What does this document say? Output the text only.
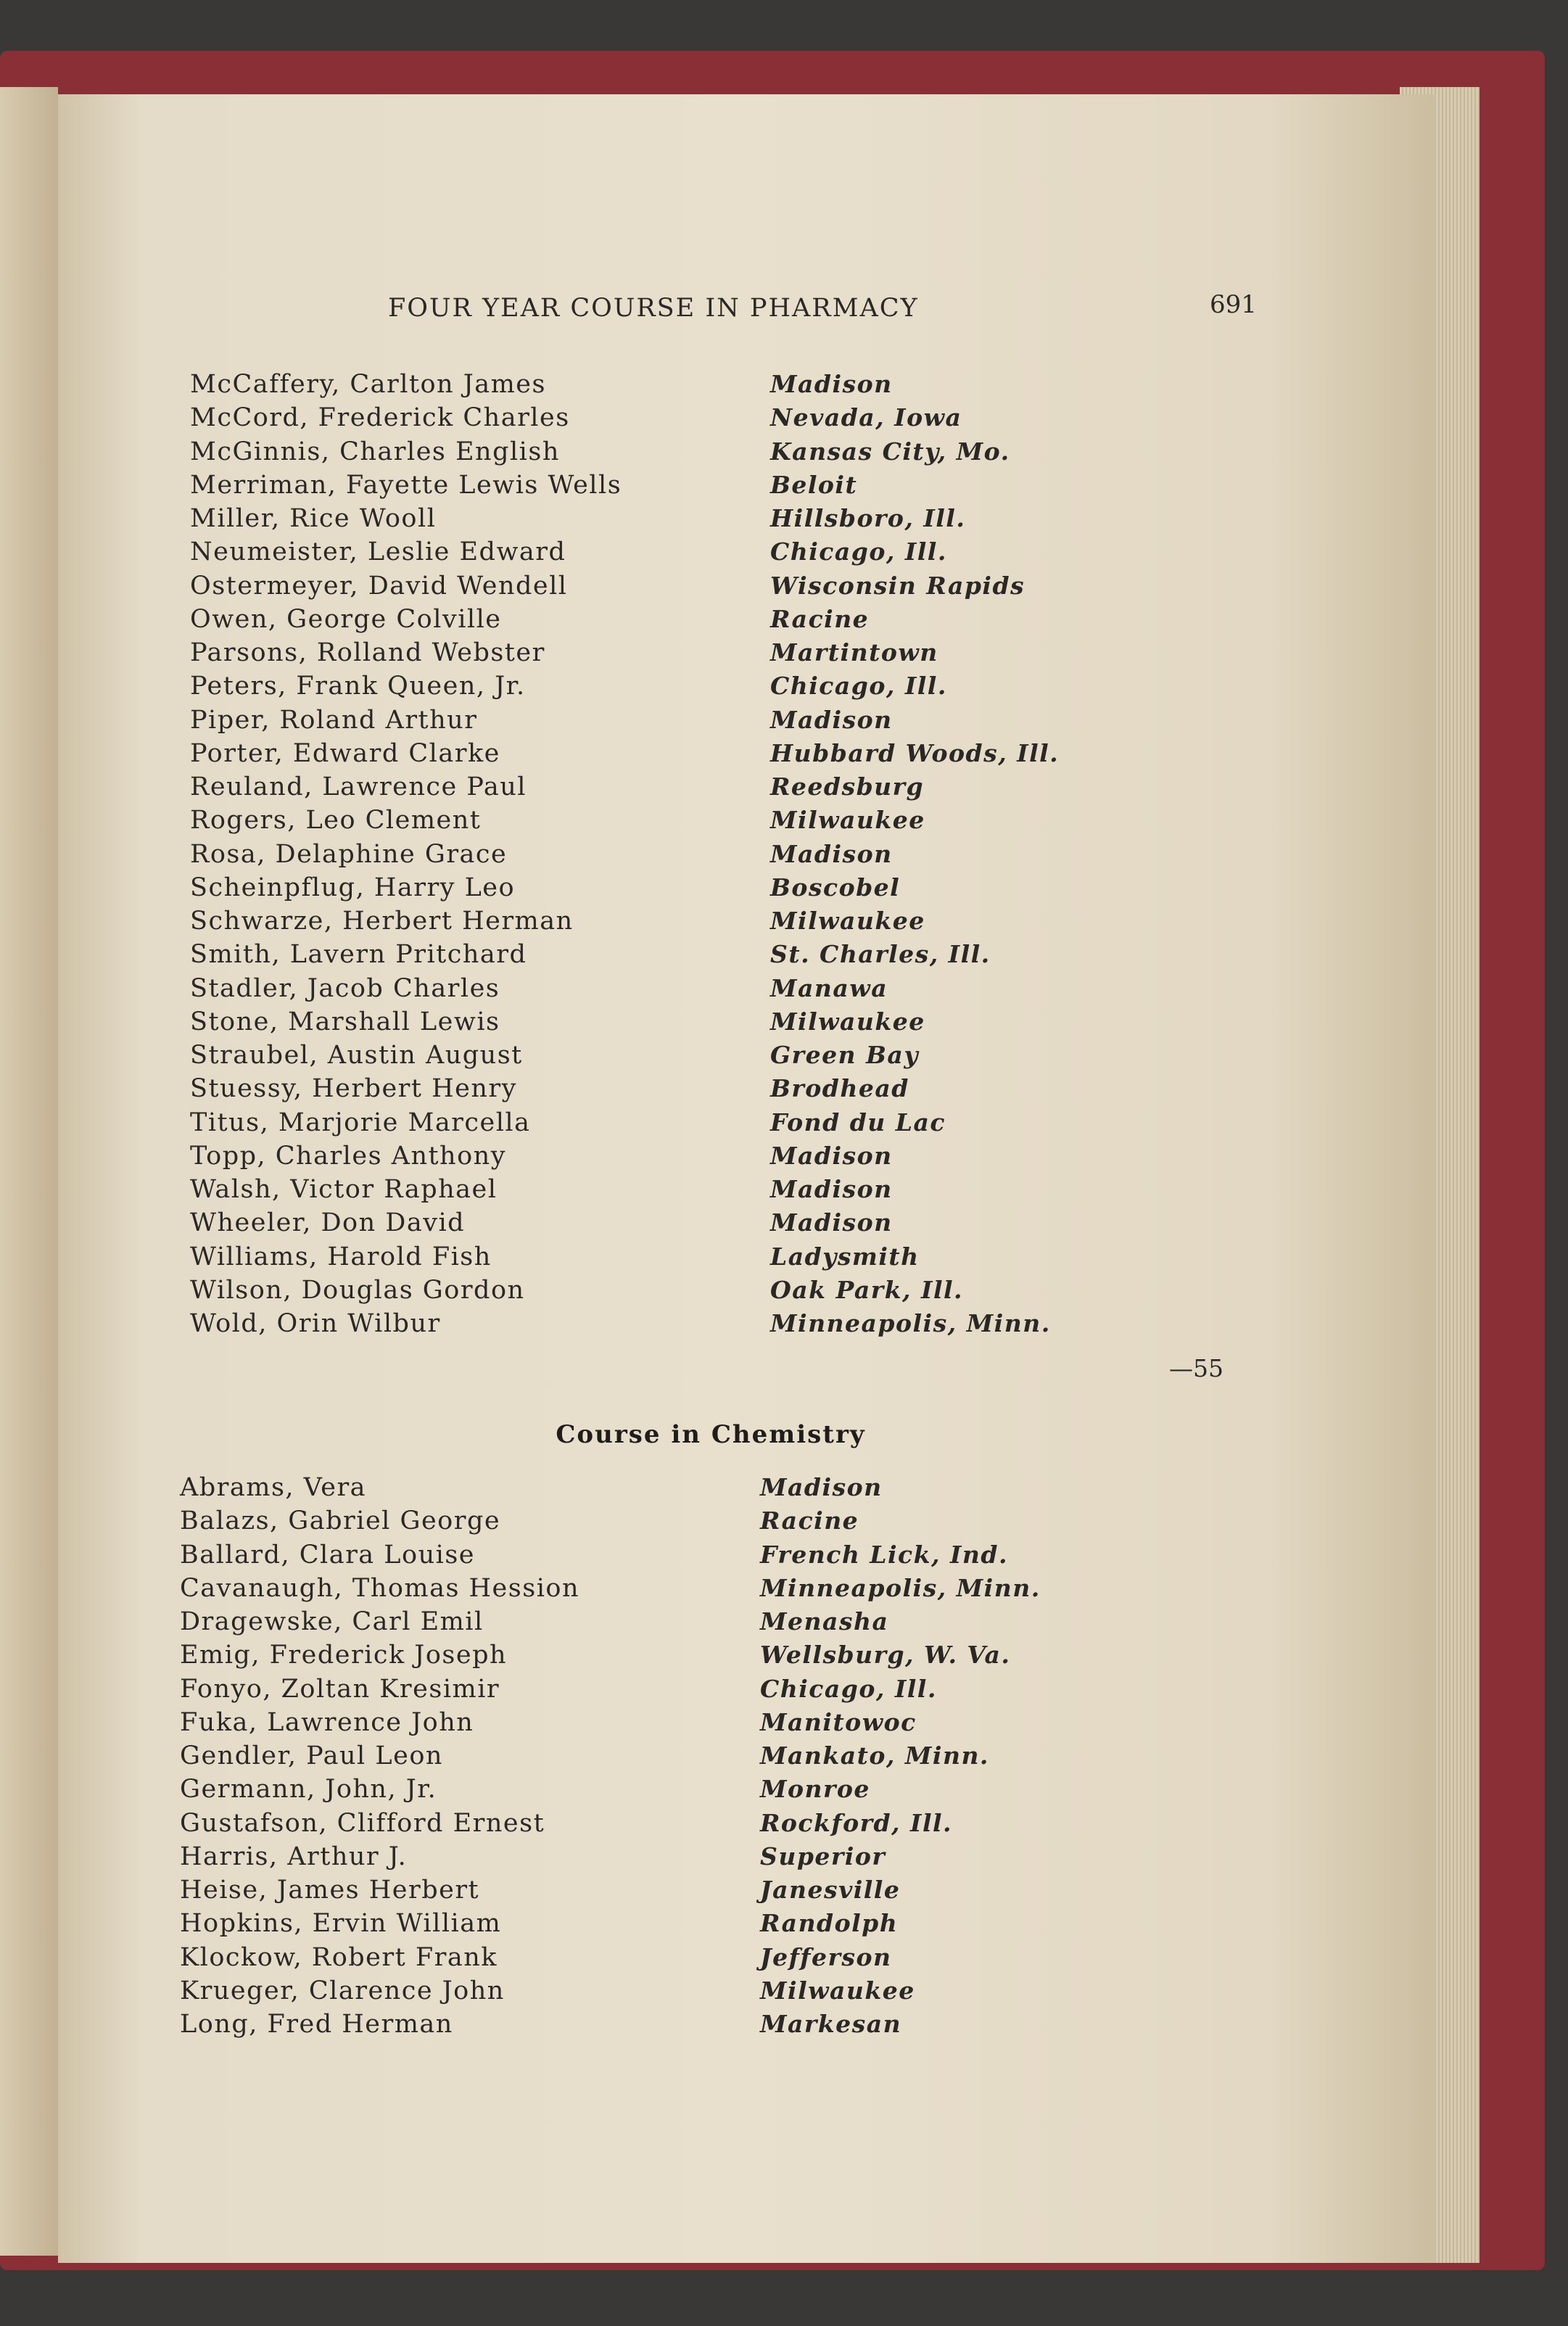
FOUR YEAR COURSE IN PHARMACY	691
McCaffery, Carlton James	Madison
McCord, Frederick Charles	Nevada, Iowa
McGinnis, Charles English	Kansas City, Mo.
Merriman, Fayette Lewis Wells	Beloit
Miller, Rice Wooll	Hillsboro, Ill.
Neumeister, Leslie Edward	Chicago, Ill.
Ostermeyer, David Wendell	Wisconsin Rapids
Owen, George Colville	Racine
Parsons, Rolland Webster	Martintown
Peters, Frank Queen, Jr.	Chicago, Ill.
Piper, Roland Arthur	Madison
Porter, Edward Clarke	Hubbard Woods, Ill.
Reuland, Lawrence Paul	Reedsburg
Rogers, Leo Clement	Milwaukee
Rosa, Delaphine Grace	Madison
Scheinpflug, Harry Leo	Boscobel
Schwarze, Herbert Herman	Milwaukee
Smith, Lavern Pritchard	St. Charles, Ill.
Stadler, Jacob Charles	Manawa
Stone, Marshall Lewis	Milwaukee
Straubel, Austin August	Green Bay
Stuessy, Herbert Henry	Brodhead
Titus, Marjorie Marcella	Fond du Lac
Topp, Charles Anthony	Madison
Walsh, Victor Raphael	Madison
Wheeler, Don David	Madison
Williams, Harold Fish	Ladysmith
Wilson, Douglas Gordon	Oak Park, Ill.
Wold, Orin Wilbur	Minneapolis, Minn.
—55
Course in Chemistry
Abrams, Vera	Madison
Balazs, Gabriel George	Racine
Ballard, Clara Louise	French Lick, Ind.
Cavanaugh, Thomas Hession	Minneapolis, Minn.
Dragewske, Carl Emil	Menasha
Emig, Frederick Joseph	Wellsburg, W. Va.
Fonyo, Zoltan Kresimir	Chicago, Ill.
Fuka, Lawrence John	Manitowoc
Gendler, Paul Leon	Mankato, Minn.
Germann, John, Jr.	Monroe
Gustafson, Clifford Ernest	Rockford, Ill.
Harris, Arthur J.	Superior
Heise, James Herbert	Janesville
Hopkins, Ervin William	Randolph
Klockow, Robert Frank	Jefferson
Krueger, Clarence John	Milwaukee
Long, Fred Herman	Markesan
